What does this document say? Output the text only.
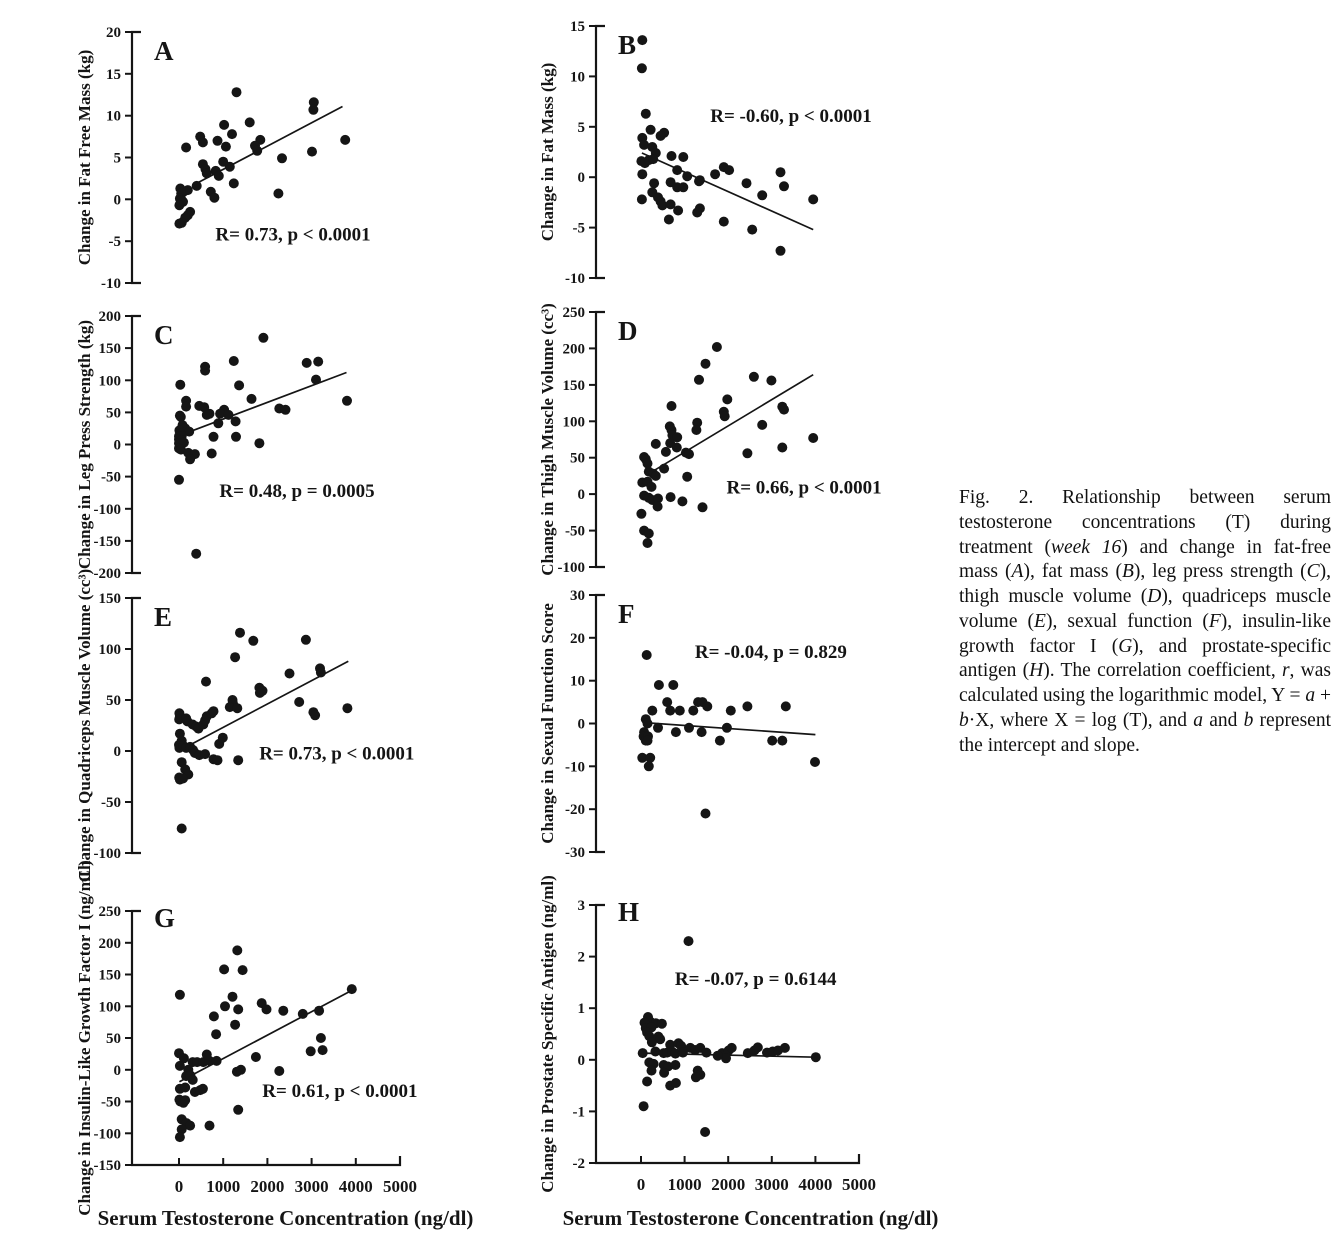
20
15
10
5
0
-5
-10
Change in Fat Free Mass (kg) A
R= 0.73, p < 0.0001
15
10
5
0
-5
-10
Change in Fat Mass (kg)
B
R= -0.60, p < 0.0001
200
150
100
50
0
-50
-100
-150
-200
Change in Leg Press Strength (kg) C
R= 0.48, p = 0.0005
250
200
150
100
50
0
-50
-100
Change in Thigh Muscle Volume (cc³) D
R= 0.66, p < 0.0001
150
100
50
0
-50
-100
Change in Quadriceps Muscle Volume (cc³) E
R= 0.73, p < 0.0001
30
20
10
0
-10
-20
-30
Change in Sexual Function Score F
R= -0.04, p = 0.829
250
200
150
100
50
0
-50
-100
-150
0 1000 2000 3000 4000 5000
Change in Insulin-Like Growth Factor I (ng/mL) G
R= 0.61, p < 0.0001
3
2
1
0
-1
-2
0 1000 2000 3000 4000 5000
Change in Prostate Specific Antigen (ng/ml) H
R= -0.07, p = 0.6144
Serum Testosterone Concentration (ng/dl)	Serum Testosterone Concentration (ng/dl)
Fig. 2. Relationship between serum testosterone concentrations (T) during treatment (week 16) and change in fat-free mass (A), fat mass (B), leg press strength (C), thigh muscle volume (D), quadriceps muscle volume (E), sexual function (F), insulin-like growth factor I (G), and prostate-specific antigen (H). The correlation coefficient, r, was calculated using the logarithmic model, Y = a + b·X, where X = log (T), and a and b represent the intercept and slope.
